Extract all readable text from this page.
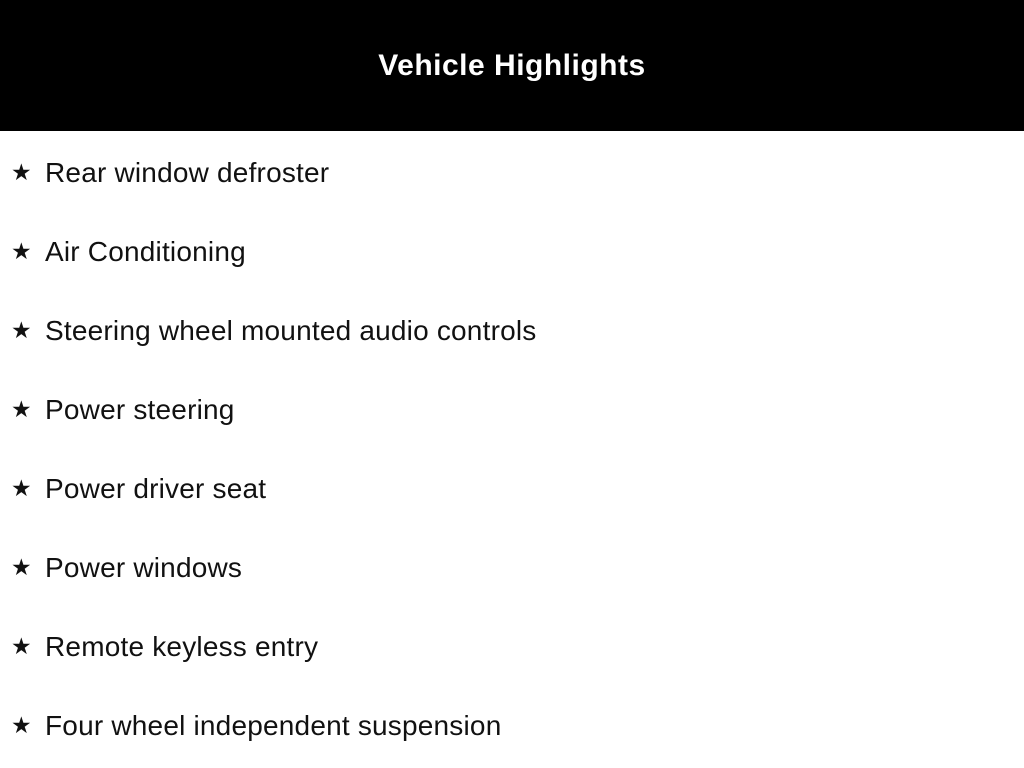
Vehicle Highlights
★ Rear window defroster
★ Air Conditioning
★ Steering wheel mounted audio controls
★ Power steering
★ Power driver seat
★ Power windows
★ Remote keyless entry
★ Four wheel independent suspension
